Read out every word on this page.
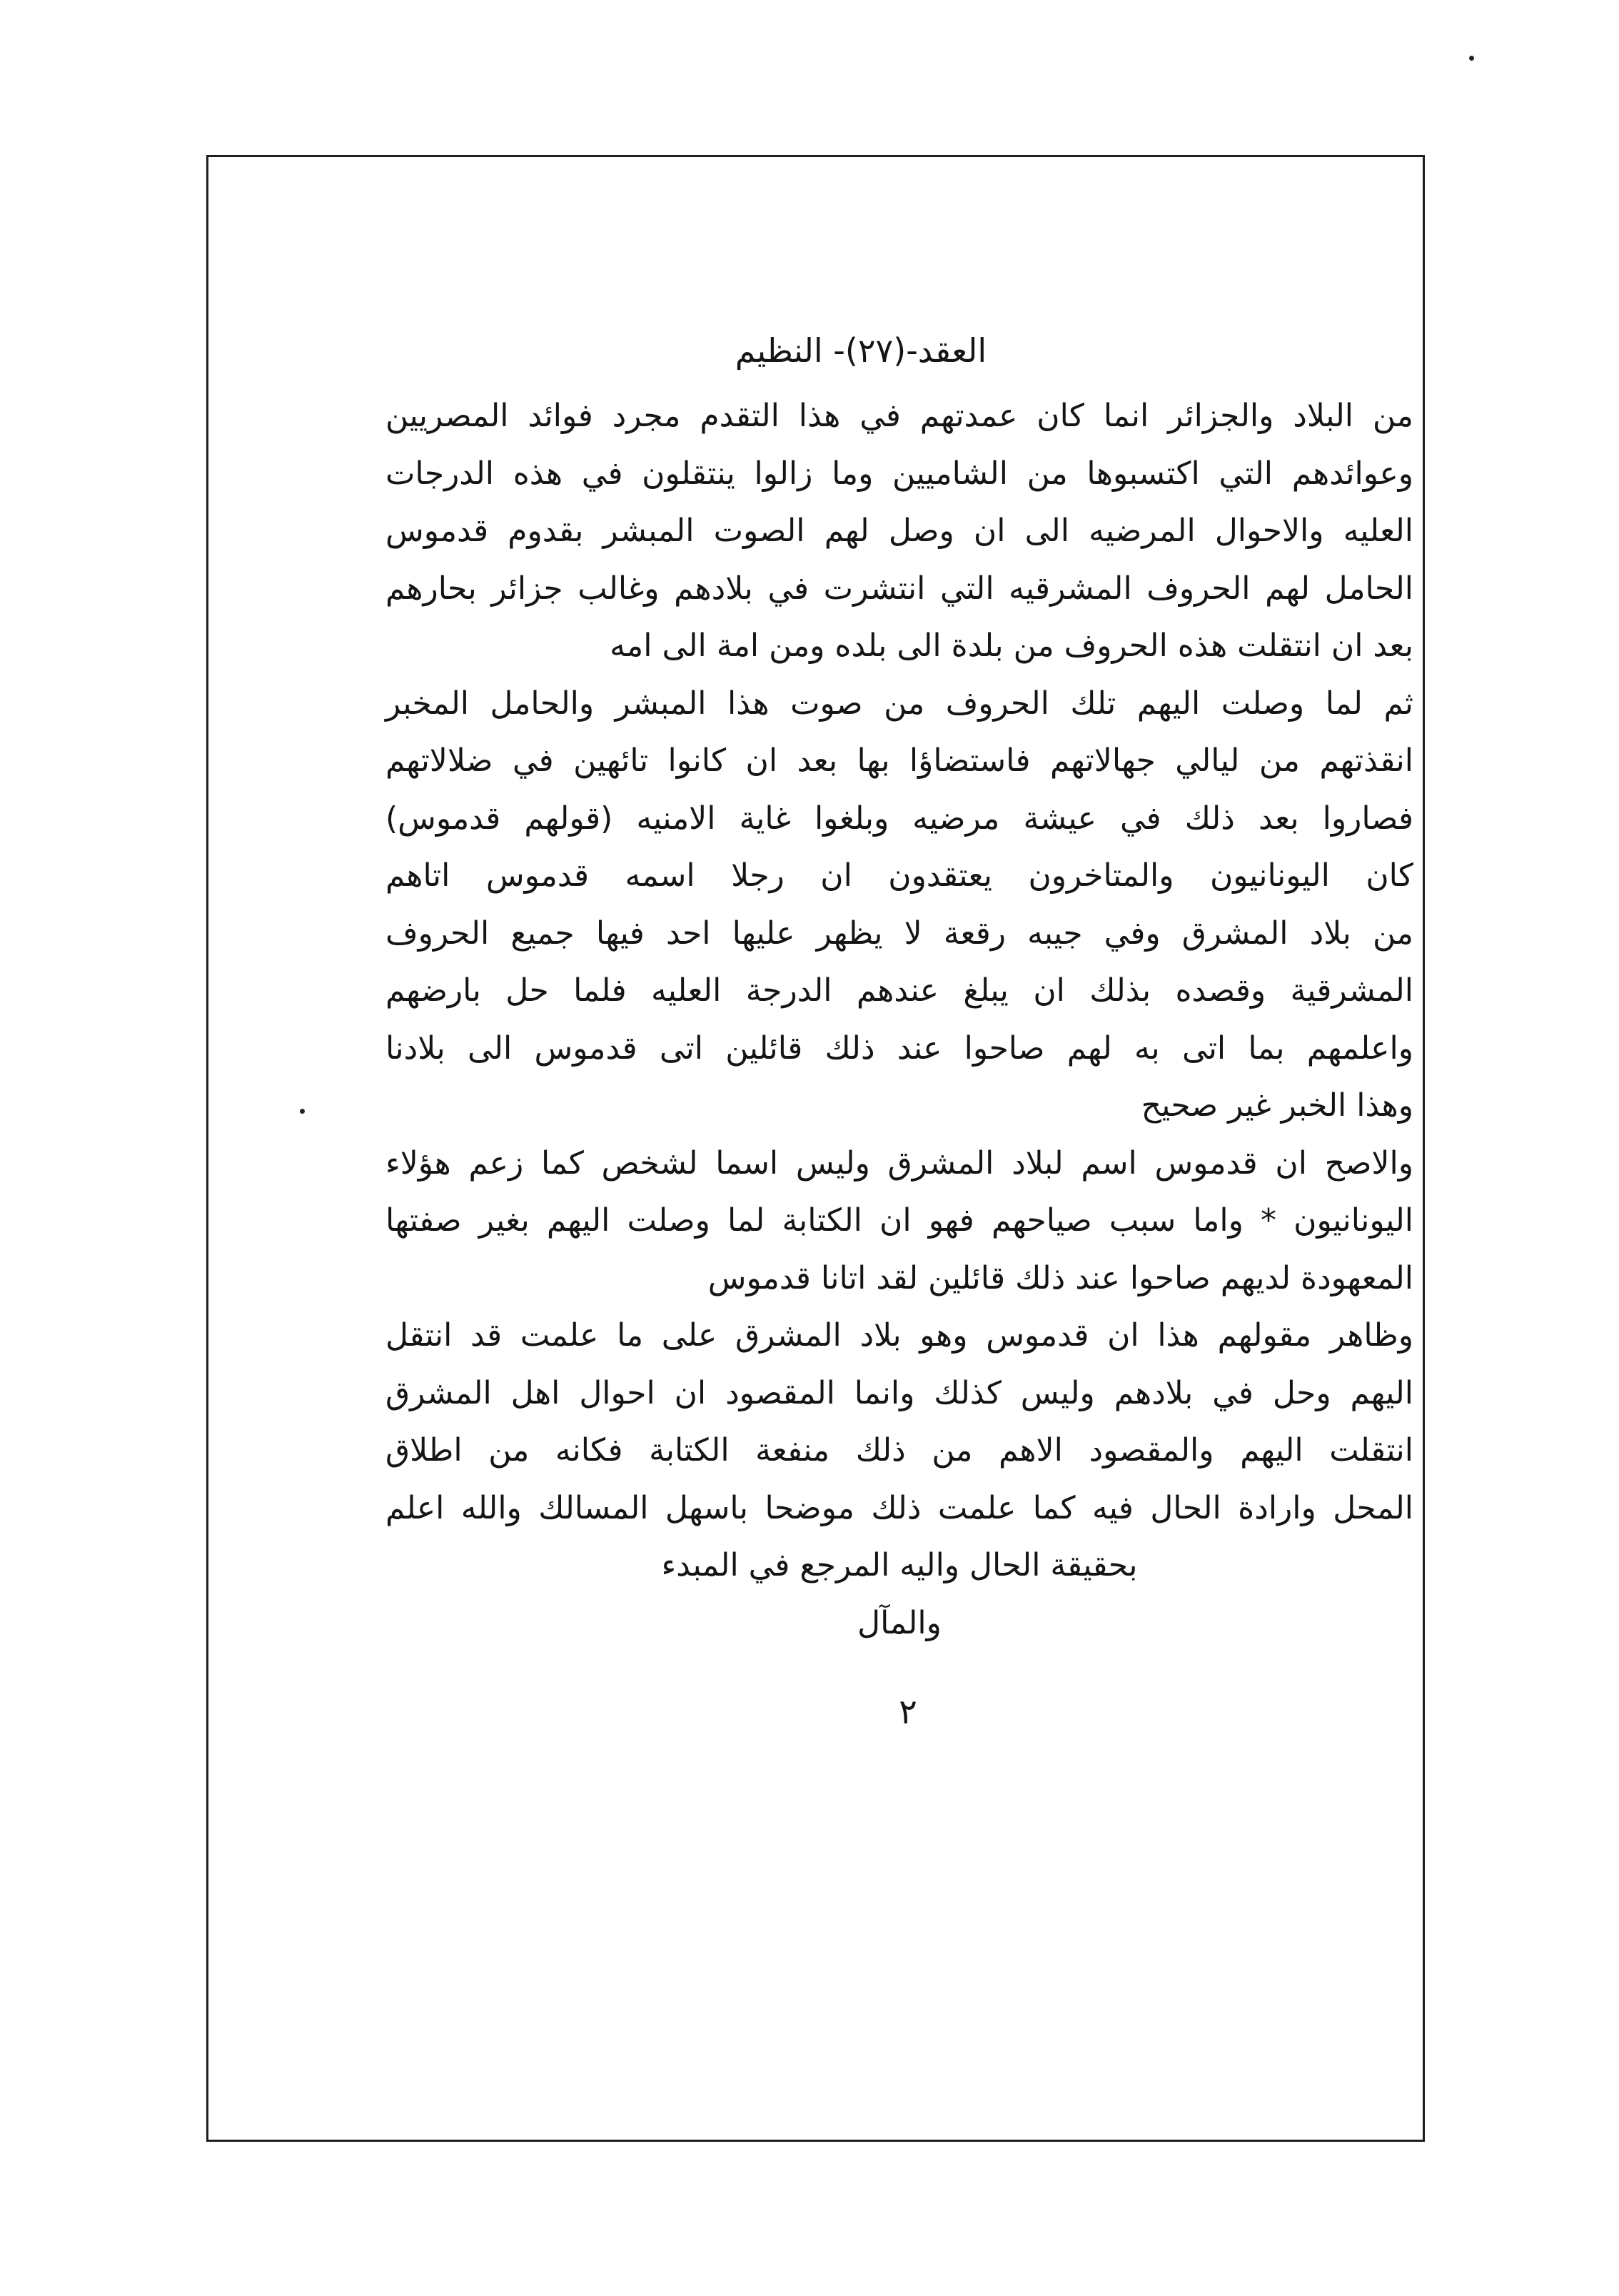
العقد-(٢٧)- النظيم
من البلاد والجزائر انما كان عمدتهم في هذا التقدم مجرد فوائد المصريين
وعوائدهم التي اكتسبوها من الشاميين وما زالوا ينتقلون في هذه الدرجات
العليه والاحوال المرضيه الى ان وصل لهم الصوت المبشر بقدوم قدموس
الحامل لهم الحروف المشرقيه التي انتشرت في بلادهم وغالب جزائر بحارهم
بعد ان انتقلت هذه الحروف من بلدة الى بلده ومن امة الى امه
ثم لما وصلت اليهم تلك الحروف من صوت هذا المبشر والحامل المخبر
انقذتهم من ليالي جهالاتهم فاستضاؤا بها بعد ان كانوا تائهين في ضلالاتهم
فصاروا بعد ذلك في عيشة مرضيه وبلغوا غاية الامنيه (قولهم قدموس)
كان اليونانيون والمتاخرون يعتقدون ان رجلا اسمه قدموس اتاهم
من بلاد المشرق وفي جيبه رقعة لا يظهر عليها احد فيها جميع الحروف
المشرقية وقصده بذلك ان يبلغ عندهم الدرجة العليه فلما حل بارضهم
واعلمهم بما اتى به لهم صاحوا عند ذلك قائلين اتى قدموس الى بلادنا
وهذا الخبر غير صحيح
والاصح ان قدموس اسم لبلاد المشرق وليس اسما لشخص كما زعم هؤلاء
اليونانيون * واما سبب صياحهم فهو ان الكتابة لما وصلت اليهم بغير صفتها
المعهودة لديهم صاحوا عند ذلك قائلين لقد اتانا قدموس
وظاهر مقولهم هذا ان قدموس وهو بلاد المشرق على ما علمت قد انتقل
اليهم وحل في بلادهم وليس كذلك وانما المقصود ان احوال اهل المشرق
انتقلت اليهم والمقصود الاهم من ذلك منفعة الكتابة فكانه من اطلاق
المحل وارادة الحال فيه كما علمت ذلك موضحا باسهل المسالك والله اعلم
بحقيقة الحال واليه المرجع في المبدء
والمآل
٢
